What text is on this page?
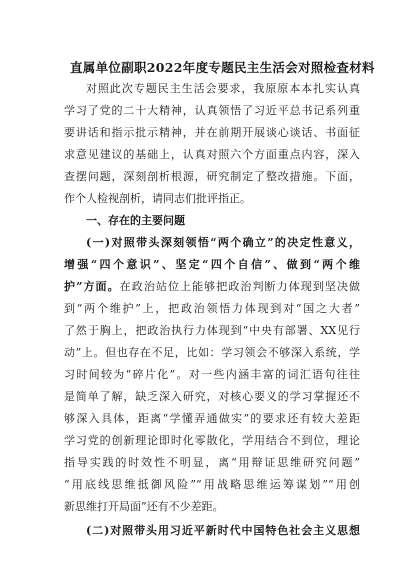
直属单位副职2022年度专题民主生活会对照检查材料
对照此次专题民主生活会要求，我原原本本扎实认真
学习了党的二十大精神，认真领悟了习近平总书记系列重
要讲话和指示批示精神，并在前期开展谈心谈话、书面征
求意见建议的基础上，认真对照六个方面重点内容，深入
查摆问题，深刻剖析根源，研究制定了整改措施。下面，
作个人检视剖析，请同志们批评指正。
一、存在的主要问题
(一)对照带头深刻领悟“两个确立”的决定性意义，
增强“四个意识”、坚定“四个自信”、做到“两个维
护”方面。在政治站位上能够把政治判断力体现到坚决做
到“两个维护”上，把政治领悟力体现到对“国之大者”
了然于胸上，把政治执行力体现到“中央有部署、XX见行
动”上。但也存在不足，比如：学习领会不够深入系统，学
习时间较为“碎片化”。对一些内涵丰富的词汇语句往往
是简单了解，缺乏深入研究，对核心要义的学习掌握还不
够深入具体，距离“学懂弄通做实”的要求还有较大差距
学习党的创新理论即时化零散化，学用结合不到位，理论
指导实践的时效性不明显，离“用辩证思维研究问题”
“用底线思维抵御风险”“用战略思维运筹谋划”“用创
新思维打开局面”还有不少差距。
(二)对照带头用习近平新时代中国特色社会主义思想
